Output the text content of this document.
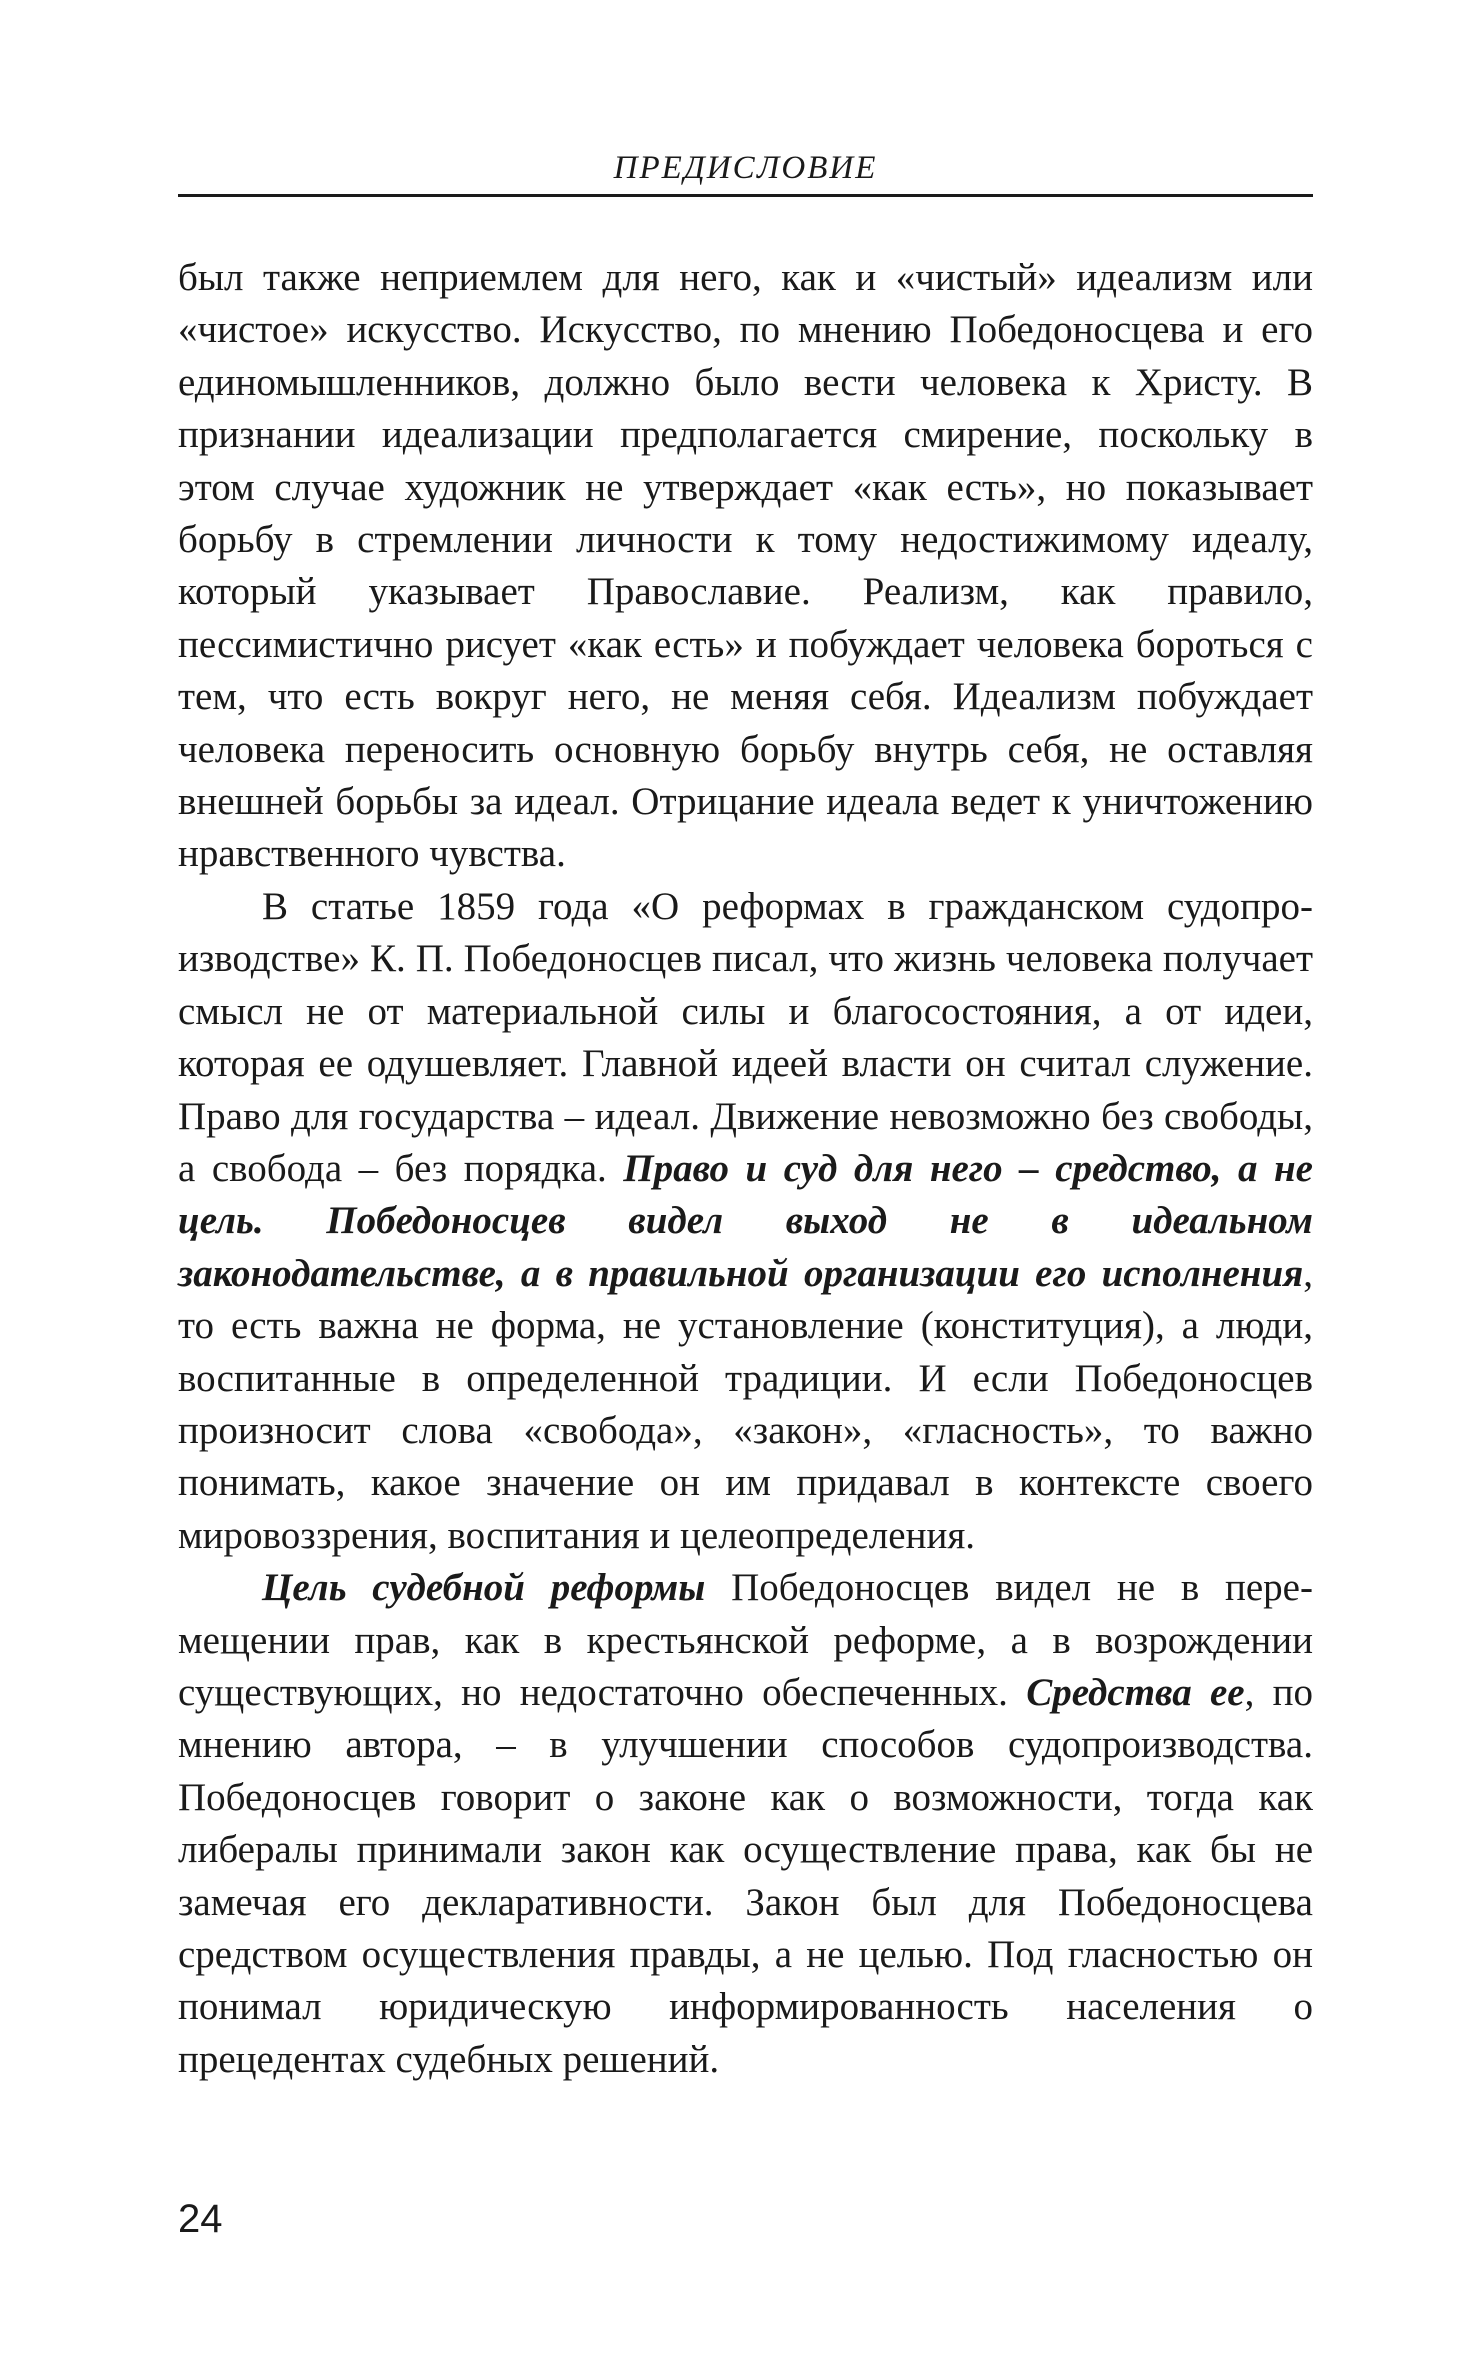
ПРЕДИСЛОВИЕ

был также неприемлем для него, как и «чистый» идеализм или «чистое» искусство. Искусство, по мнению Победоносцева и его единомышленников, должно было вести человека к Христу. В признании идеализации предполагается смирение, поскольку в этом случае художник не утверждает «как есть», но показывает борьбу в стремлении личности к тому недостижимому идеалу, который указывает Православие. Реализм, как правило, пессимистично рисует «как есть» и побуждает человека бороться с тем, что есть вокруг него, не меняя себя. Идеализм побуждает человека переносить основную борьбу внутрь себя, не оставляя внешней борьбы за идеал. Отрицание идеала ведет к уничтожению нравственного чувства.

В статье 1859 года «О реформах в гражданском судопроизводстве» К. П. Победоносцев писал, что жизнь человека получает смысл не от материальной силы и благосостояния, а от идеи, которая ее одушевляет. Главной идеей власти он считал служение. Право для государства – идеал. Движение невозможно без свободы, а свобода – без порядка. Право и суд для него – средство, а не цель. Победоносцев видел выход не в идеальном законодательстве, а в правильной организации его исполнения, то есть важна не форма, не установление (конституция), а люди, воспитанные в определенной традиции. И если Победоносцев произносит слова «свобода», «закон», «гласность», то важно понимать, какое значение он им придавал в контексте своего мировоззрения, воспитания и целеопределения.

Цель судебной реформы Победоносцев видел не в перемещении прав, как в крестьянской реформе, а в возрождении существующих, но недостаточно обеспеченных. Средства ее, по мнению автора, – в улучшении способов судопроизводства. Победоносцев говорит о законе как о возможности, тогда как либералы принимали закон как осуществление права, как бы не замечая его декларативности. Закон был для Победоносцева средством осуществления правды, а не целью. Под гласностью он понимал юридическую информированность населения о прецедентах судебных решений.

24
